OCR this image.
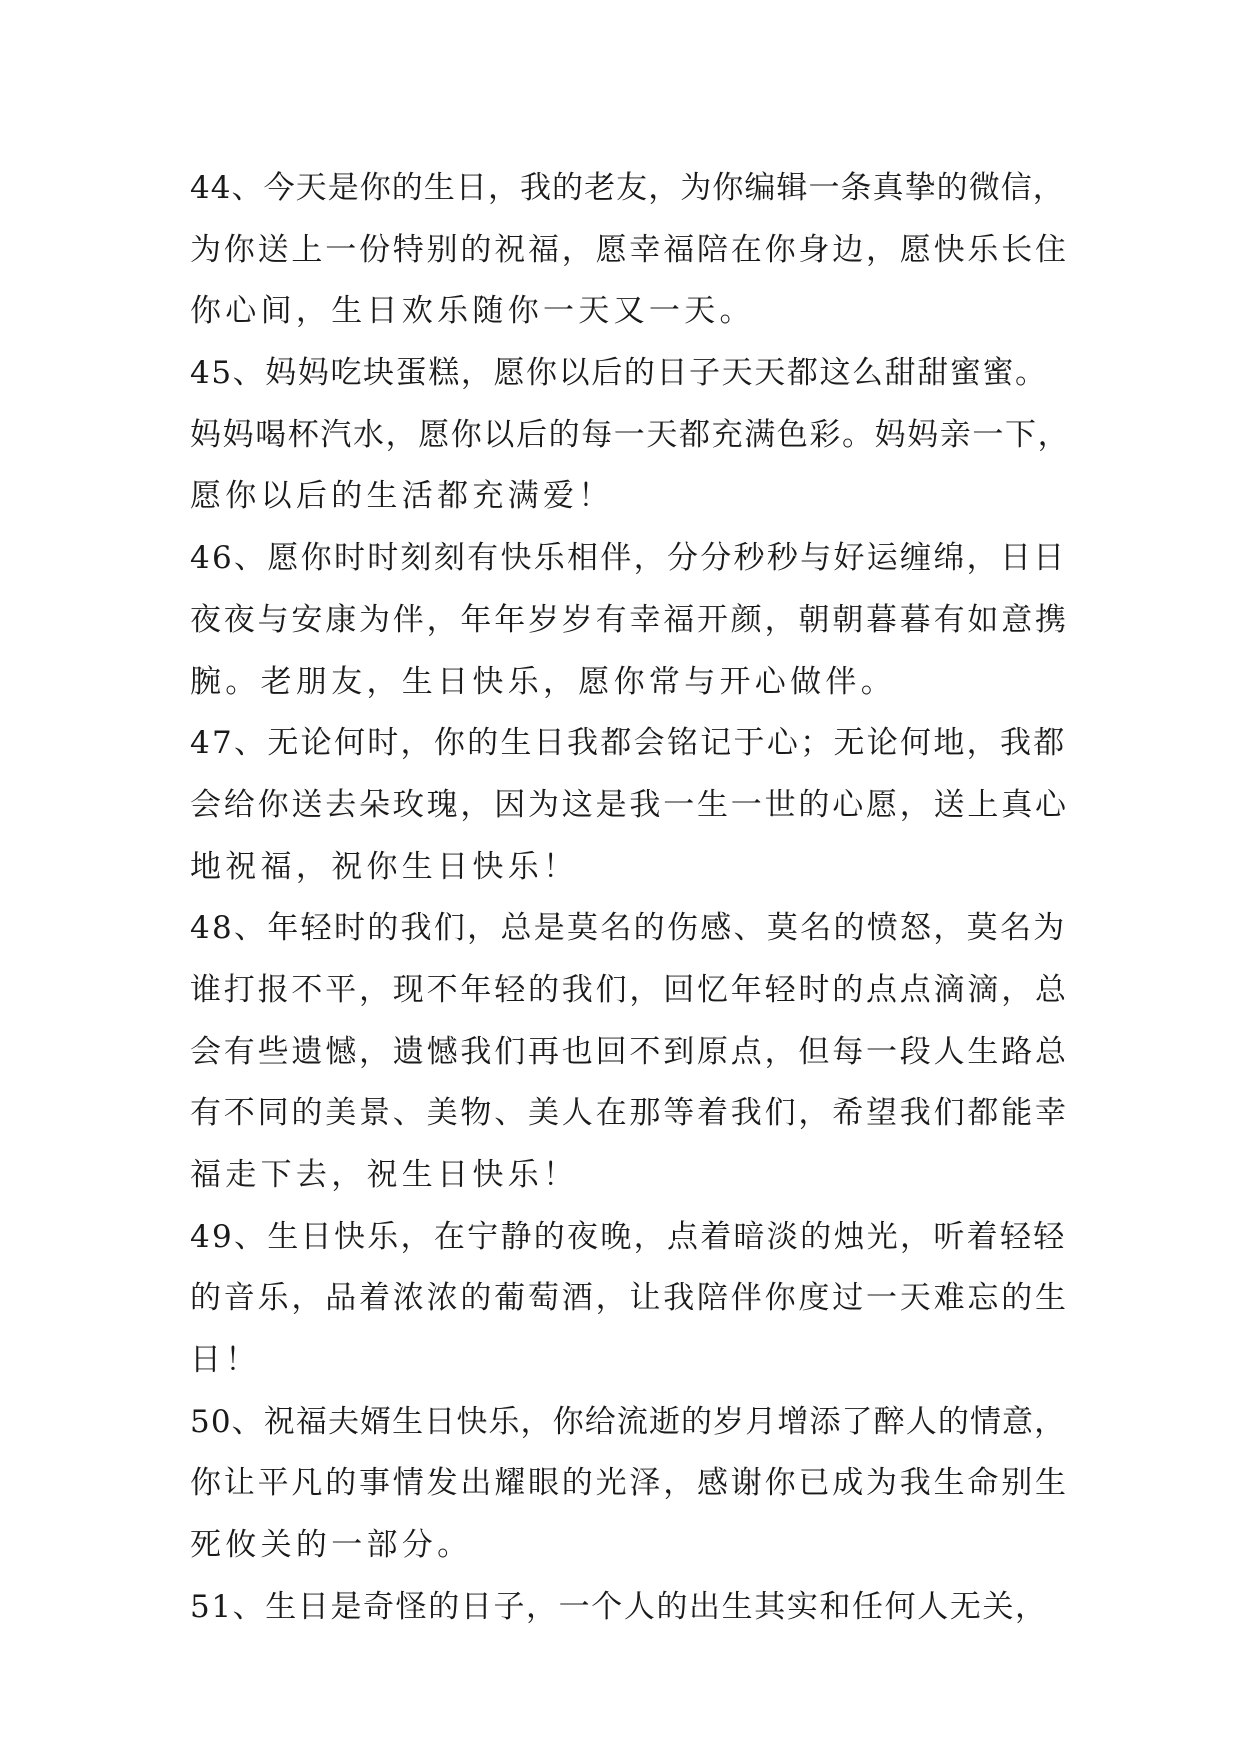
44、今天是你的生日，我的老友，为你编辑一条真挚的微信，
为你送上一份特别的祝福，愿幸福陪在你身边，愿快乐长住
你心间，生日欢乐随你一天又一天。
45、妈妈吃块蛋糕，愿你以后的日子天天都这么甜甜蜜蜜。
妈妈喝杯汽水，愿你以后的每一天都充满色彩。妈妈亲一下，
愿你以后的生活都充满爱！
46、愿你时时刻刻有快乐相伴，分分秒秒与好运缠绵，日日
夜夜与安康为伴，年年岁岁有幸福开颜，朝朝暮暮有如意携
腕。老朋友，生日快乐，愿你常与开心做伴。
47、无论何时，你的生日我都会铭记于心；无论何地，我都
会给你送去朵玫瑰，因为这是我一生一世的心愿，送上真心
地祝福，祝你生日快乐！
48、年轻时的我们，总是莫名的伤感、莫名的愤怒，莫名为
谁打报不平，现不年轻的我们，回忆年轻时的点点滴滴，总
会有些遗憾，遗憾我们再也回不到原点，但每一段人生路总
有不同的美景、美物、美人在那等着我们，希望我们都能幸
福走下去，祝生日快乐！
49、生日快乐，在宁静的夜晚，点着暗淡的烛光，听着轻轻
的音乐，品着浓浓的葡萄酒，让我陪伴你度过一天难忘的生
日！
50、祝福夫婿生日快乐，你给流逝的岁月增添了醉人的情意，
你让平凡的事情发出耀眼的光泽，感谢你已成为我生命别生
死攸关的一部分。
51、生日是奇怪的日子，一个人的出生其实和任何人无关，
